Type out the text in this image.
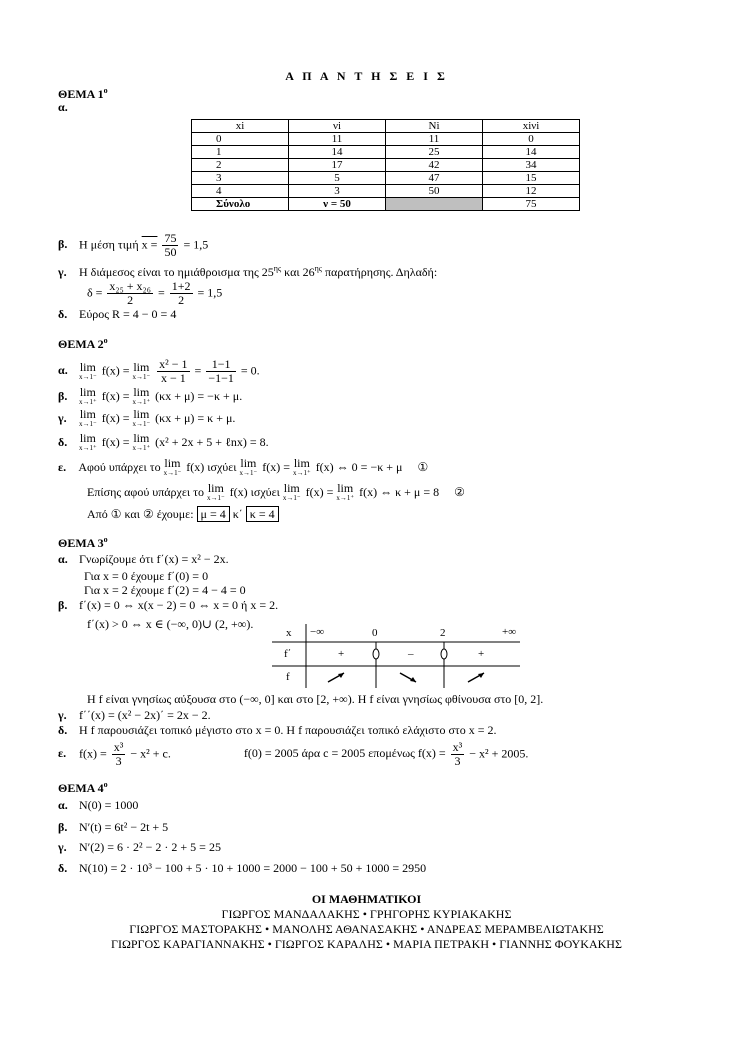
Α Π Α Ν Τ Η Σ Ε Ι Σ
ΘΕΜΑ $1^o$
α.
xi	νi	Ni	xiνi
0	11	11	0
1	14	25	14
2	17	42	34
3	5	47	15
4	3	50	12
Σύνολο	ν = 50		75
β. Η μέση τιμή $x = \frac{75}{50} = 1,5$
γ. Η διάμεσος είναι το ημιάθροισμα της $25^{\eta\varsigma}$ και $26^{\eta\varsigma}$ παρατήρησης. Δηλαδή:
$\delta = \frac{\text{x₂₅ + x₂₆}}{2} = \frac{1+2}{2} = 1,5$
δ. Εύρος R = 4 − 0 = 4
ΘΕΜΑ $2^o$
α. lim
x→1⁻ f(x) = lim
x→1⁻
$\frac{\text{x² − 1}}{x - 1} = \frac{1-1}{-1-1} = 0$.
β. lim
x→1⁺ f(x) = lim
x→1⁺ (κx + μ) = −κ + μ.
γ. lim
x→1⁻ f(x) = lim
x→1⁻ (κx + μ) = κ + μ.
δ. lim
x→1⁺ f(x) = lim
x→1⁺ (x² + 2x + 5 + ℓnx) = 8.
ε. Αφού υπάρχει το lim
x→1⁻ f(x) ισχύει lim
x→1⁻ f(x) = lim
x→1⁺ f(x) ⇔ 0 = −κ + μ ①
Επίσης αφού υπάρχει το lim
x→1⁻ f(x) ισχύει lim
x→1⁻ f(x) = lim
x→1⁺ f(x) ⇔ κ + μ = 8 ②
Από ① και ② έχουμε: μ = 4 κ΄ κ = 4
ΘΕΜΑ $3^o$
α. Γνωρίζουμε ότι f΄(x) = x² − 2x.
Για x = 0 έχουμε f΄(0) = 0
Για x = 2 έχουμε f΄(2) = 4 − 4 = 0
β. f΄(x) = 0 ⇔ x(x − 2) = 0 ⇔ x = 0 ή x = 2.
f΄(x) > 0 ⇔ x ∈ (−∞, 0)∪ (2, +∞).
x −∞	0	2	+∞
f΄	+	–	+
f
Η f είναι γνησίως αύξουσα στο (−∞, 0] και στο [2, +∞). Η f είναι γνησίως φθίνουσα στο [0, 2].
γ. f΄΄(x) = (x² − 2x)΄ = 2x − 2.
δ. Η f παρουσιάζει τοπικό μέγιστο στο x = 0. Η f παρουσιάζει τοπικό ελάχιστο στο x = 2.
ε. $f(x) = \frac{\text{x³}}{3} - x^2 + c$.	f(0) = 2005 άρα c = 2005 επομένως $f(x) = \frac{\text{x³}}{3} - x^2 + 2005$.
ΘΕΜΑ $4^o$
α. N(0) = 1000
β. N′(t) = 6t² − 2t + 5
γ. N′(2) = 6 · 2² − 2 · 2 + 5 = 25
δ. N(10) = 2 · 10³ − 100 + 5 · 10 + 1000 = 2000 − 100 + 50 + 1000 = 2950
ΟΙ ΜΑΘΗΜΑΤΙΚΟΙ
ΓΙΩΡΓΟΣ ΜΑΝΔΑΛΑΚΗΣ • ΓΡΗΓΟΡΗΣ ΚΥΡΙΑΚΑΚΗΣ
ΓΙΩΡΓΟΣ ΜΑΣΤΟΡΑΚΗΣ • ΜΑΝΟΛΗΣ ΑΘΑΝΑΣΑΚΗΣ • ΑΝΔΡΕΑΣ ΜΕΡΑΜΒΕΛΙΩΤΑΚΗΣ
ΓΙΩΡΓΟΣ ΚΑΡΑΓΙΑΝΝΑΚΗΣ • ΓΙΩΡΓΟΣ ΚΑΡΑΛΗΣ • ΜΑΡΙΑ ΠΕΤΡΑΚΗ • ΓΙΑΝΝΗΣ ΦΟΥΚΑΚΗΣ
